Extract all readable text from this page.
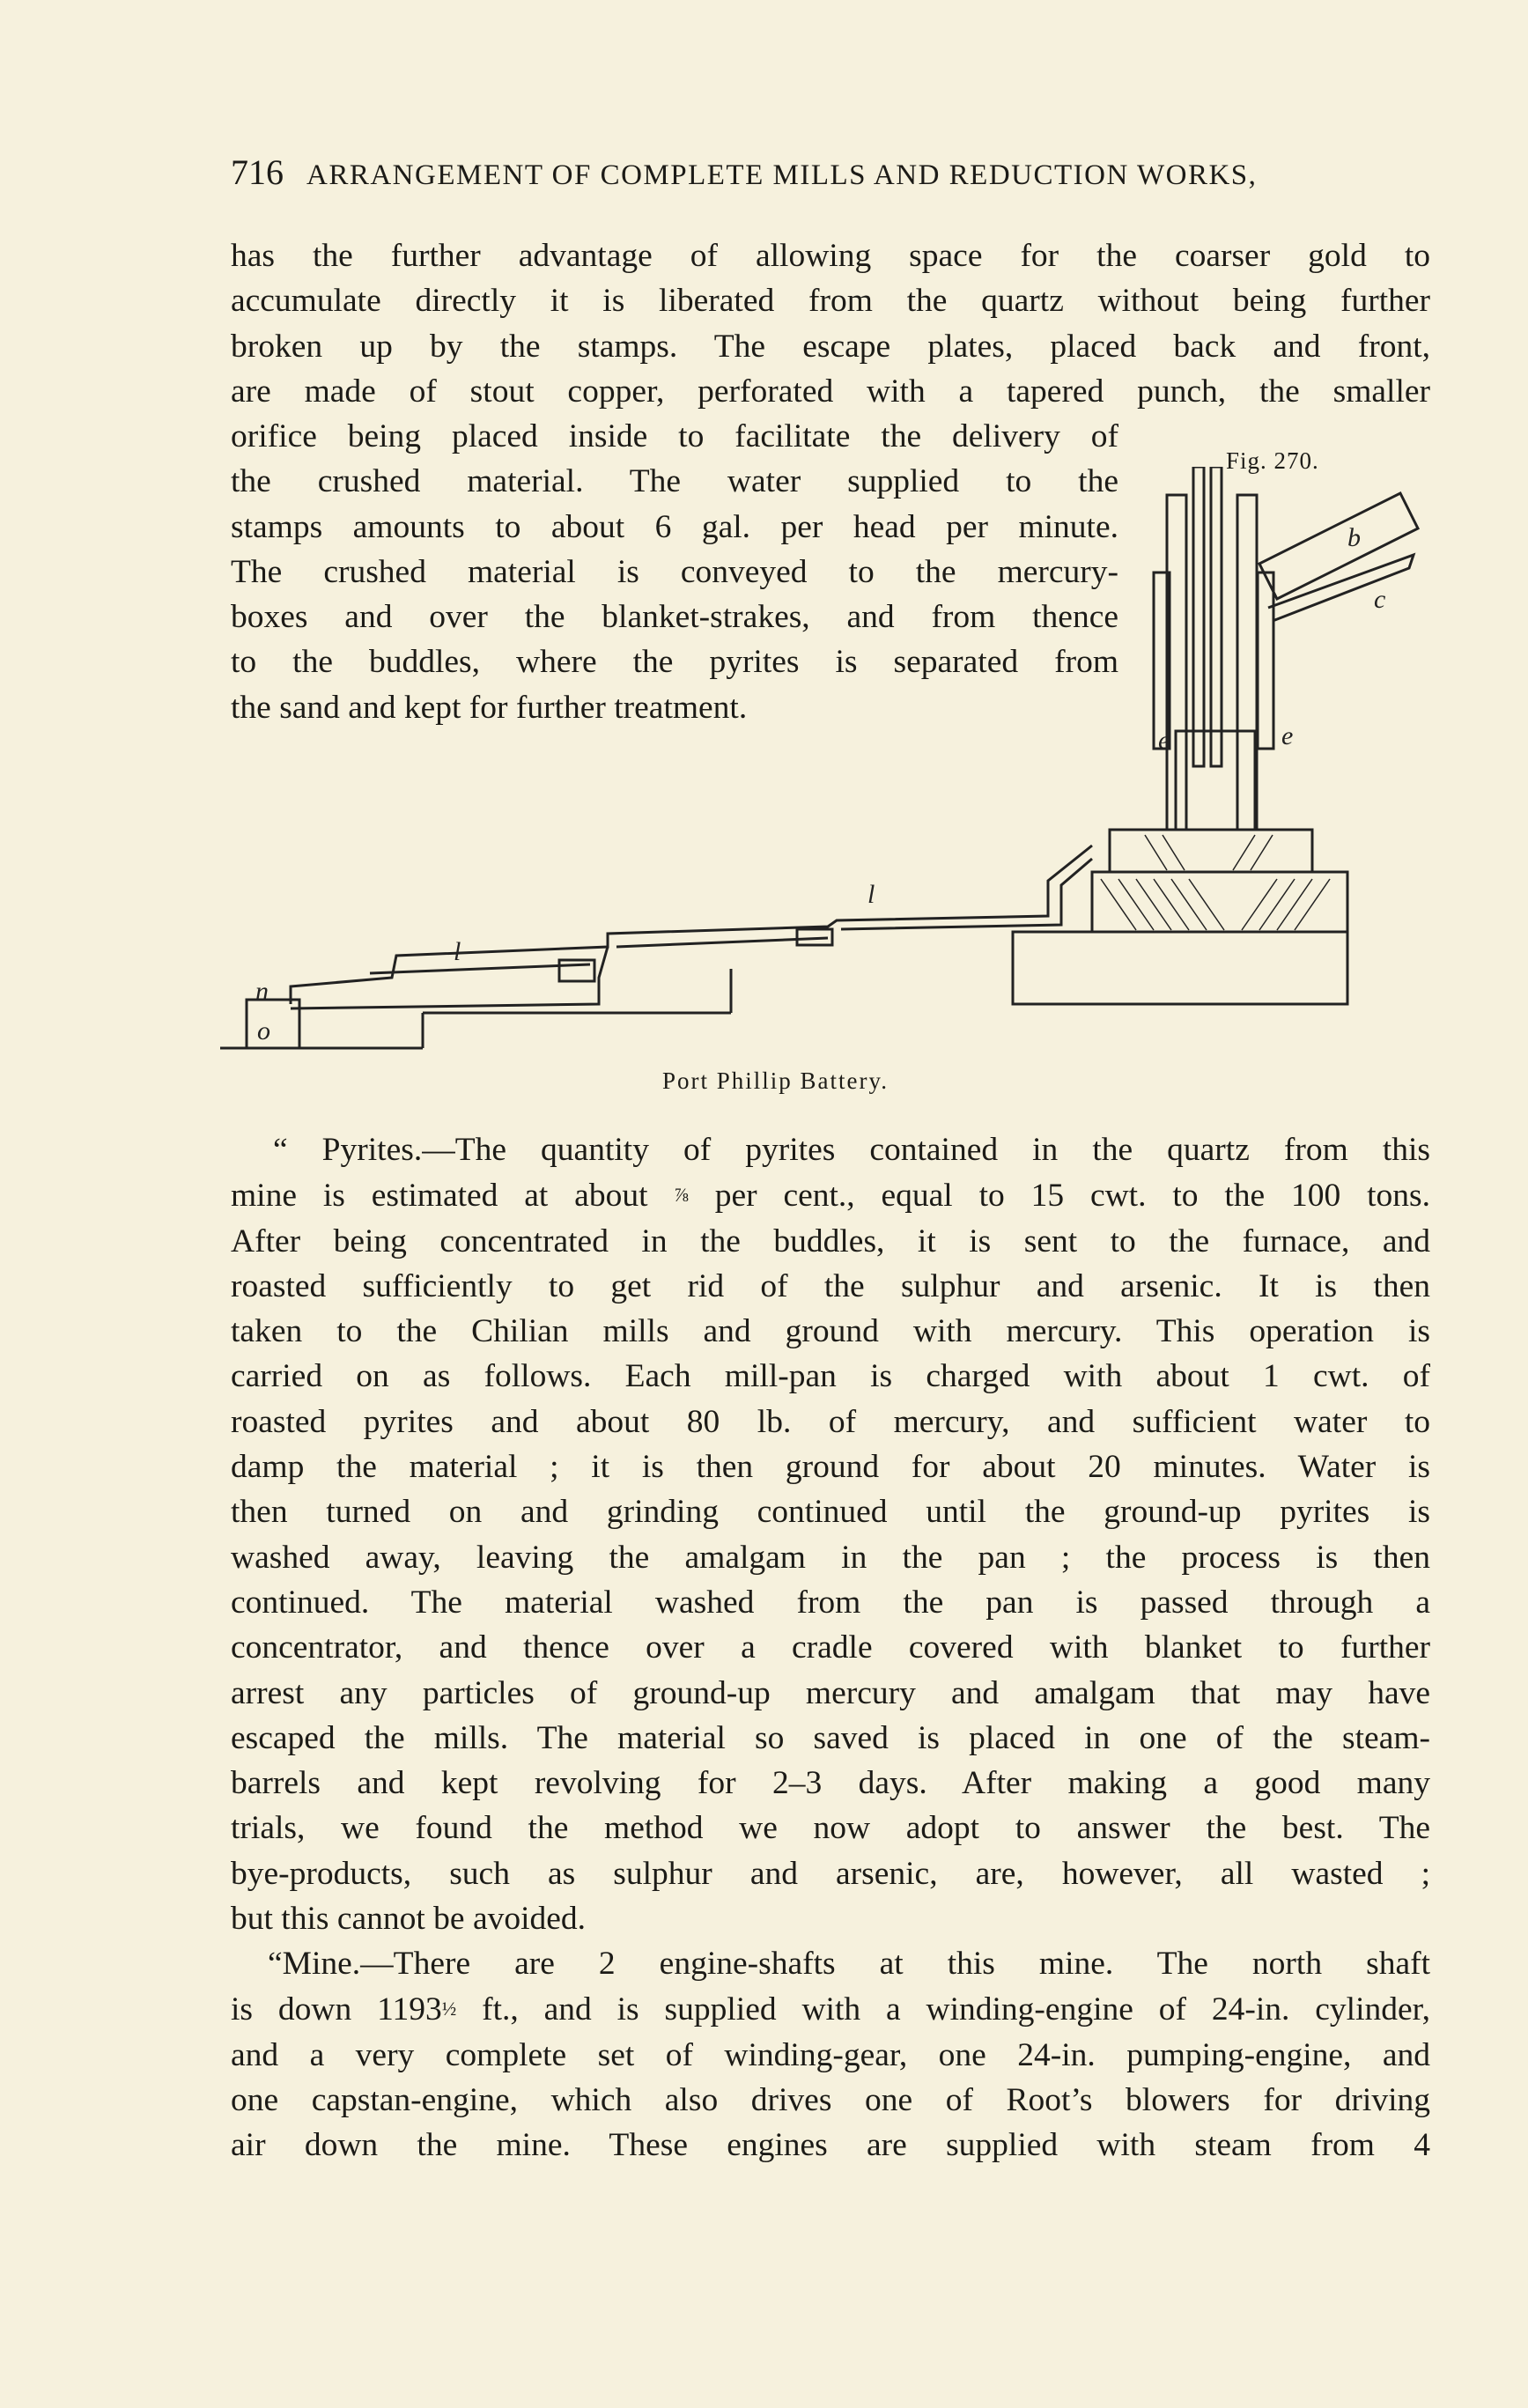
716 ARRANGEMENT OF COMPLETE MILLS AND REDUCTION WORKS,
has the further advantage of allowing space for the coarser gold to
accumulate directly it is liberated from the quartz without being further
broken up by the stamps. The escape plates, placed back and front,
are made of stout copper, perforated with a tapered punch, the smaller
orifice being placed inside to facilitate the delivery of
the crushed material. The water supplied to the
stamps amounts to about 6 gal. per head per minute.
The crushed material is conveyed to the mercury-
boxes and over the blanket-strakes, and from thence
to the buddles, where the pyrites is separated from
the sand and kept for further treatment.
Fig. 270.
b
c
e	e
l
l
n
o
Port Phillip Battery.
“ Pyrites.—The quantity of pyrites contained in the quartz from this
mine is estimated at about ⅞ per cent., equal to 15 cwt. to the 100 tons.
After being concentrated in the buddles, it is sent to the furnace, and
roasted sufficiently to get rid of the sulphur and arsenic. It is then
taken to the Chilian mills and ground with mercury. This operation is
carried on as follows. Each mill-pan is charged with about 1 cwt. of
roasted pyrites and about 80 lb. of mercury, and sufficient water to
damp the material ; it is then ground for about 20 minutes. Water is
then turned on and grinding continued until the ground-up pyrites is
washed away, leaving the amalgam in the pan ; the process is then
continued. The material washed from the pan is passed through a
concentrator, and thence over a cradle covered with blanket to further
arrest any particles of ground-up mercury and amalgam that may have
escaped the mills. The material so saved is placed in one of the steam-
barrels and kept revolving for 2–3 days. After making a good many
trials, we found the method we now adopt to answer the best. The
bye-products, such as sulphur and arsenic, are, however, all wasted ;
but this cannot be avoided.
“Mine.—There are 2 engine-shafts at this mine. The north shaft
is down 1193½ ft., and is supplied with a winding-engine of 24-in. cylinder,
and a very complete set of winding-gear, one 24-in. pumping-engine, and
one capstan-engine, which also drives one of Root’s blowers for driving
air down the mine. These engines are supplied with steam from 4
